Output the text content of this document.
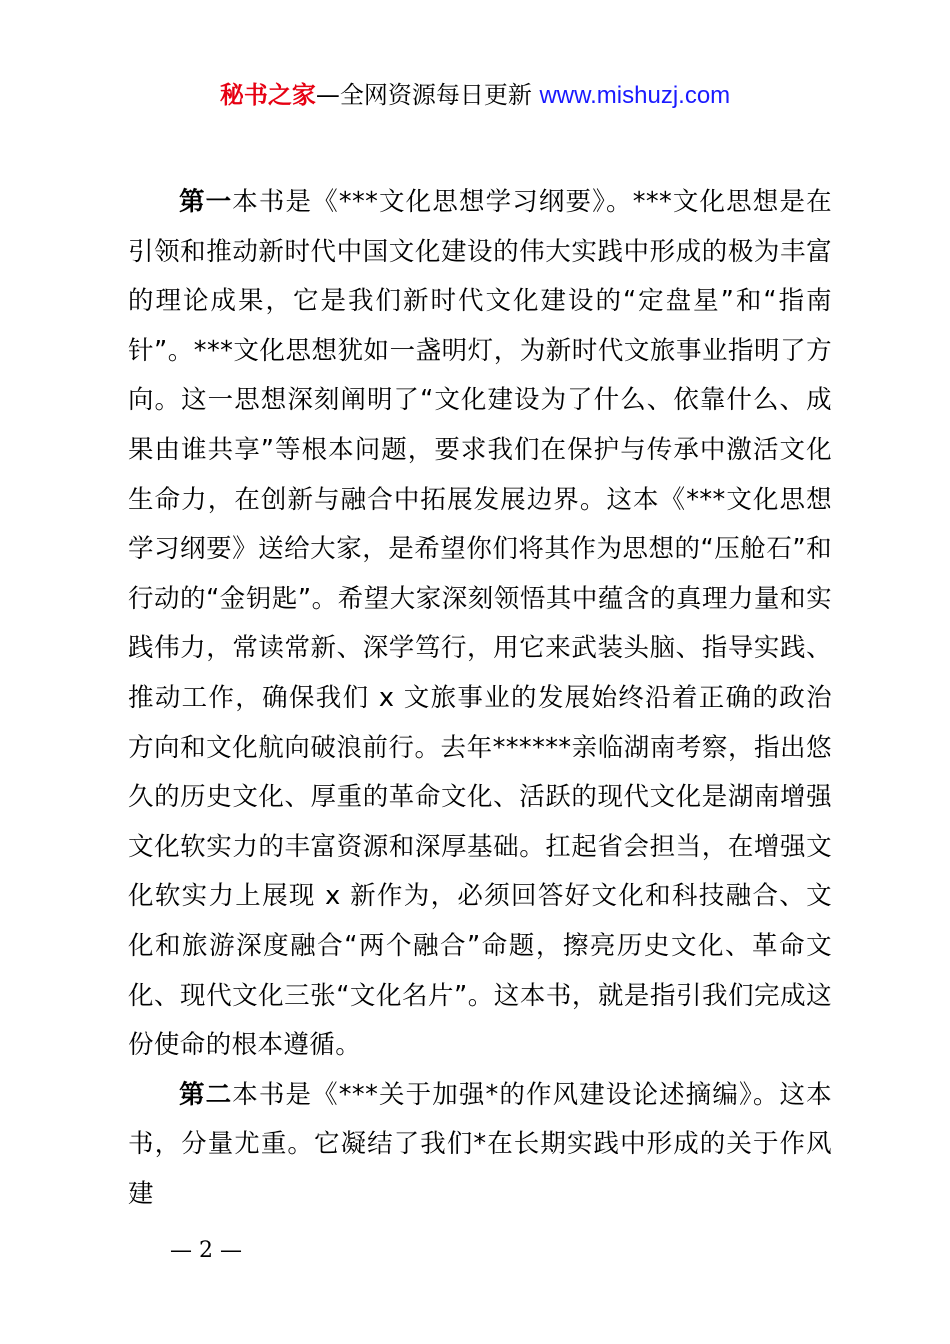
秘书之家—全网资源每日更新 www.mishuzj.com

第一本书是《***文化思想学习纲要》。***文化思想是在引领和推动新时代中国文化建设的伟大实践中形成的极为丰富的理论成果，它是我们新时代文化建设的“定盘星”和“指南针”。***文化思想犹如一盏明灯，为新时代文旅事业指明了方向。这一思想深刻阐明了“文化建设为了什么、依靠什么、成果由谁共享”等根本问题，要求我们在保护与传承中激活文化生命力，在创新与融合中拓展发展边界。这本《***文化思想学习纲要》送给大家，是希望你们将其作为思想的“压舱石”和行动的“金钥匙”。希望大家深刻领悟其中蕴含的真理力量和实践伟力，常读常新、深学笃行，用它来武装头脑、指导实践、推动工作，确保我们 x 文旅事业的发展始终沿着正确的政治方向和文化航向破浪前行。去年******亲临湖南考察，指出悠久的历史文化、厚重的革命文化、活跃的现代文化是湖南增强文化软实力的丰富资源和深厚基础。扛起省会担当，在增强文化软实力上展现 x 新作为，必须回答好文化和科技融合、文化和旅游深度融合“两个融合”命题，擦亮历史文化、革命文化、现代文化三张“文化名片”。这本书，就是指引我们完成这份使命的根本遵循。

第二本书是《***关于加强*的作风建设论述摘编》。这本书，分量尤重。它凝结了我们*在长期实践中形成的关于作风建

— 2 —
